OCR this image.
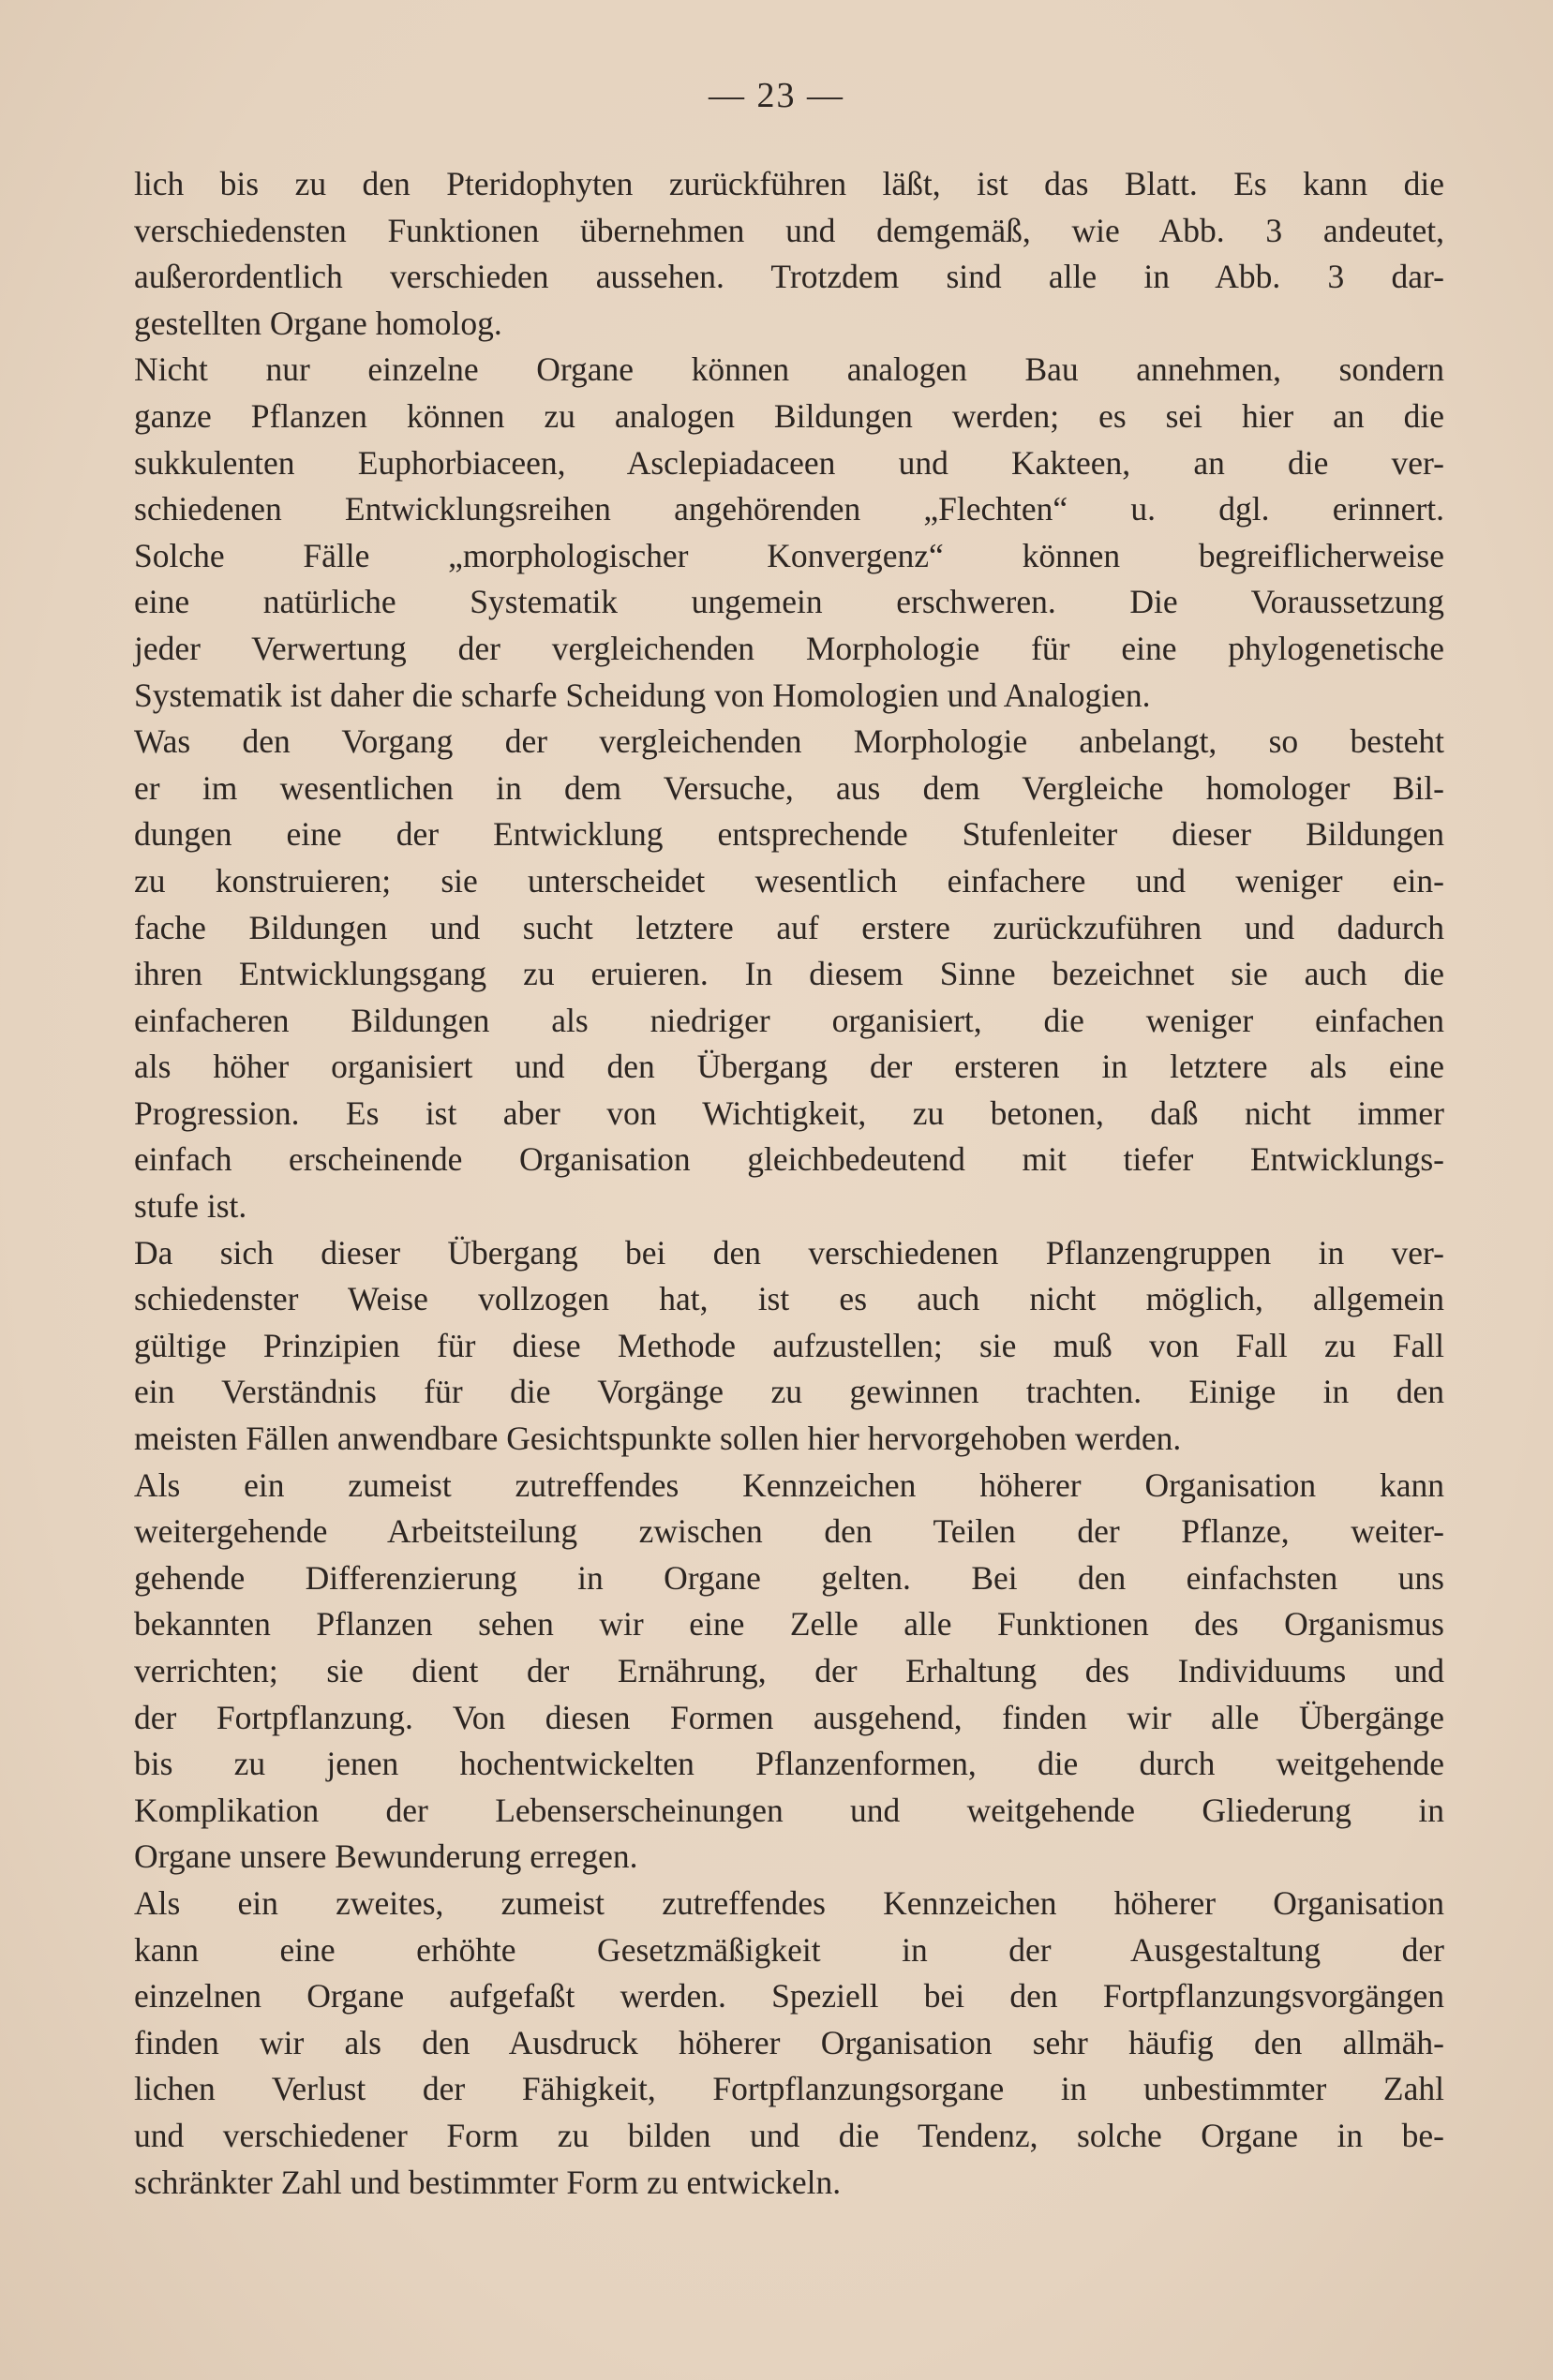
— 23 —
lich bis zu den Pteridophyten zurückführen läßt, ist das Blatt. Es kann die
verschiedensten Funktionen übernehmen und demgemäß, wie Abb. 3 andeutet,
außerordentlich verschieden aussehen. Trotzdem sind alle in Abb. 3 dar-
gestellten Organe homolog.
Nicht nur einzelne Organe können analogen Bau annehmen, sondern
ganze Pflanzen können zu analogen Bildungen werden; es sei hier an die
sukkulenten Euphorbiaceen, Asclepiadaceen und Kakteen, an die ver-
schiedenen Entwicklungsreihen angehörenden „Flechten“ u. dgl. erinnert.
Solche Fälle „morphologischer Konvergenz“ können begreiflicherweise
eine natürliche Systematik ungemein erschweren. Die Voraussetzung
jeder Verwertung der vergleichenden Morphologie für eine phylogenetische
Systematik ist daher die scharfe Scheidung von Homologien und Analogien.
Was den Vorgang der vergleichenden Morphologie anbelangt, so besteht
er im wesentlichen in dem Versuche, aus dem Vergleiche homologer Bil-
dungen eine der Entwicklung entsprechende Stufenleiter dieser Bildungen
zu konstruieren; sie unterscheidet wesentlich einfachere und weniger ein-
fache Bildungen und sucht letztere auf erstere zurückzuführen und dadurch
ihren Entwicklungsgang zu eruieren. In diesem Sinne bezeichnet sie auch die
einfacheren Bildungen als niedriger organisiert, die weniger einfachen
als höher organisiert und den Übergang der ersteren in letztere als eine
Progression. Es ist aber von Wichtigkeit, zu betonen, daß nicht immer
einfach erscheinende Organisation gleichbedeutend mit tiefer Entwicklungs-
stufe ist.
Da sich dieser Übergang bei den verschiedenen Pflanzengruppen in ver-
schiedenster Weise vollzogen hat, ist es auch nicht möglich, allgemein
gültige Prinzipien für diese Methode aufzustellen; sie muß von Fall zu Fall
ein Verständnis für die Vorgänge zu gewinnen trachten. Einige in den
meisten Fällen anwendbare Gesichtspunkte sollen hier hervorgehoben werden.
Als ein zumeist zutreffendes Kennzeichen höherer Organisation kann
weitergehende Arbeitsteilung zwischen den Teilen der Pflanze, weiter-
gehende Differenzierung in Organe gelten. Bei den einfachsten uns
bekannten Pflanzen sehen wir eine Zelle alle Funktionen des Organismus
verrichten; sie dient der Ernährung, der Erhaltung des Individuums und
der Fortpflanzung. Von diesen Formen ausgehend, finden wir alle Übergänge
bis zu jenen hochentwickelten Pflanzenformen, die durch weitgehende
Komplikation der Lebenserscheinungen und weitgehende Gliederung in
Organe unsere Bewunderung erregen.
Als ein zweites, zumeist zutreffendes Kennzeichen höherer Organisation
kann eine erhöhte Gesetzmäßigkeit in der Ausgestaltung der
einzelnen Organe aufgefaßt werden. Speziell bei den Fortpflanzungsvorgängen
finden wir als den Ausdruck höherer Organisation sehr häufig den allmäh-
lichen Verlust der Fähigkeit, Fortpflanzungsorgane in unbestimmter Zahl
und verschiedener Form zu bilden und die Tendenz, solche Organe in be-
schränkter Zahl und bestimmter Form zu entwickeln.
